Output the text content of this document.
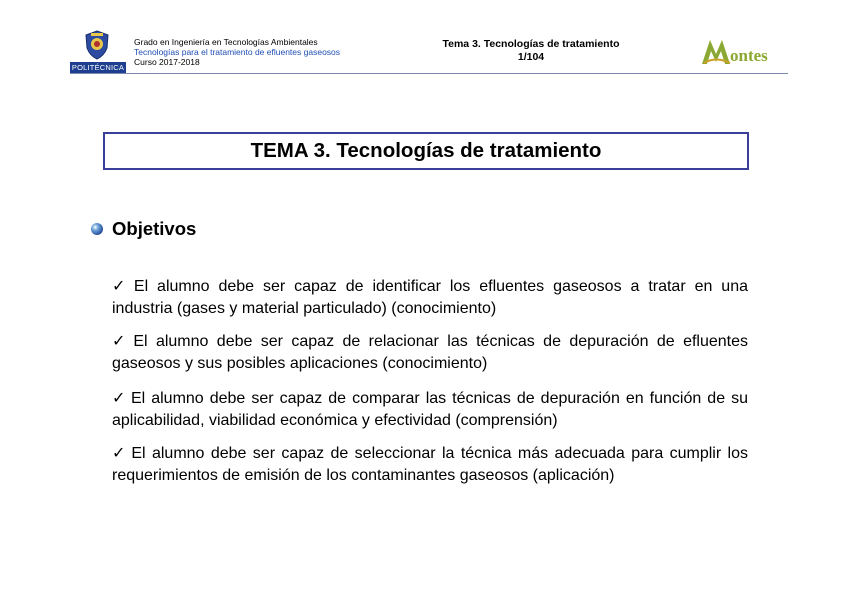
POLITÉCNICA
Grado en Ingeniería en Tecnologías Ambientales
Tecnologías para el tratamiento de efluentes gaseosos
Curso 2017-2018
Tema 3. Tecnologías de tratamiento
1/104	ontes
TEMA 3. Tecnologías de tratamiento
Objetivos
✓ El alumno debe ser capaz de identificar los efluentes gaseosos a tratar en una industria (gases y material particulado) (conocimiento)
✓ El alumno debe ser capaz de relacionar las técnicas de depuración de efluentes gaseosos y sus posibles aplicaciones (conocimiento)
✓ El alumno debe ser capaz de comparar las técnicas de depuración en función de su aplicabilidad, viabilidad económica y efectividad (comprensión)
✓ El alumno debe ser capaz de seleccionar la técnica más adecuada para cumplir los requerimientos de emisión de los contaminantes gaseosos (aplicación)
